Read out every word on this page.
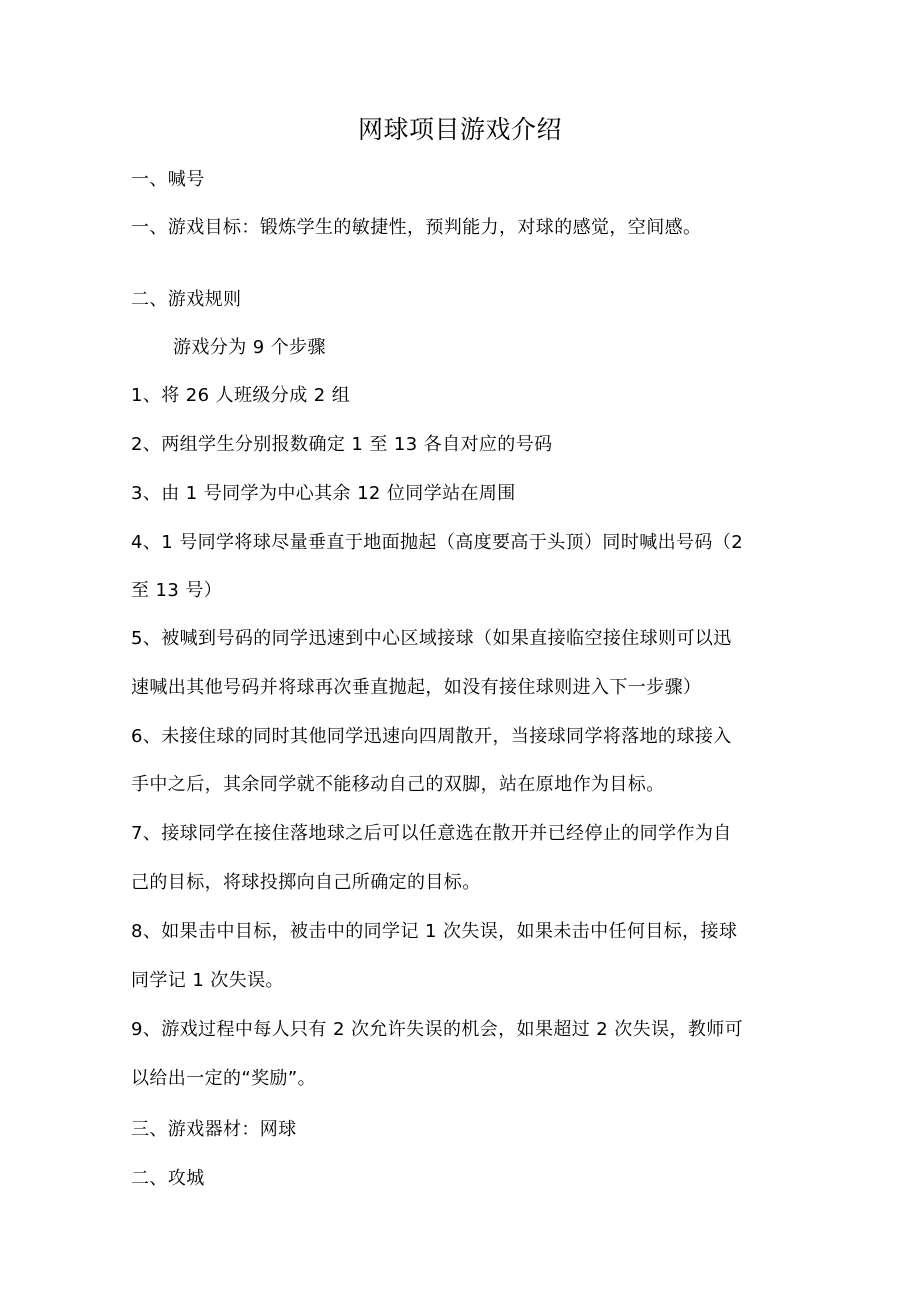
网球项目游戏介绍
一、喊号
一、游戏目标：锻炼学生的敏捷性，预判能力，对球的感觉，空间感。
二、游戏规则
游戏分为 9 个步骤
1、将 26 人班级分成 2 组
2、两组学生分别报数确定 1 至 13 各自对应的号码
3、由 1 号同学为中心其余 12 位同学站在周围
4、1 号同学将球尽量垂直于地面抛起（高度要高于头顶）同时喊出号码（2
至 13 号）
5、被喊到号码的同学迅速到中心区域接球（如果直接临空接住球则可以迅
速喊出其他号码并将球再次垂直抛起，如没有接住球则进入下一步骤）
6、未接住球的同时其他同学迅速向四周散开，当接球同学将落地的球接入
手中之后，其余同学就不能移动自己的双脚，站在原地作为目标。
7、接球同学在接住落地球之后可以任意选在散开并已经停止的同学作为自
己的目标，将球投掷向自己所确定的目标。
8、如果击中目标，被击中的同学记 1 次失误，如果未击中任何目标，接球
同学记 1 次失误。
9、游戏过程中每人只有 2 次允许失误的机会，如果超过 2 次失误，教师可
以给出一定的“奖励”。
三、游戏器材：网球
二、攻城
